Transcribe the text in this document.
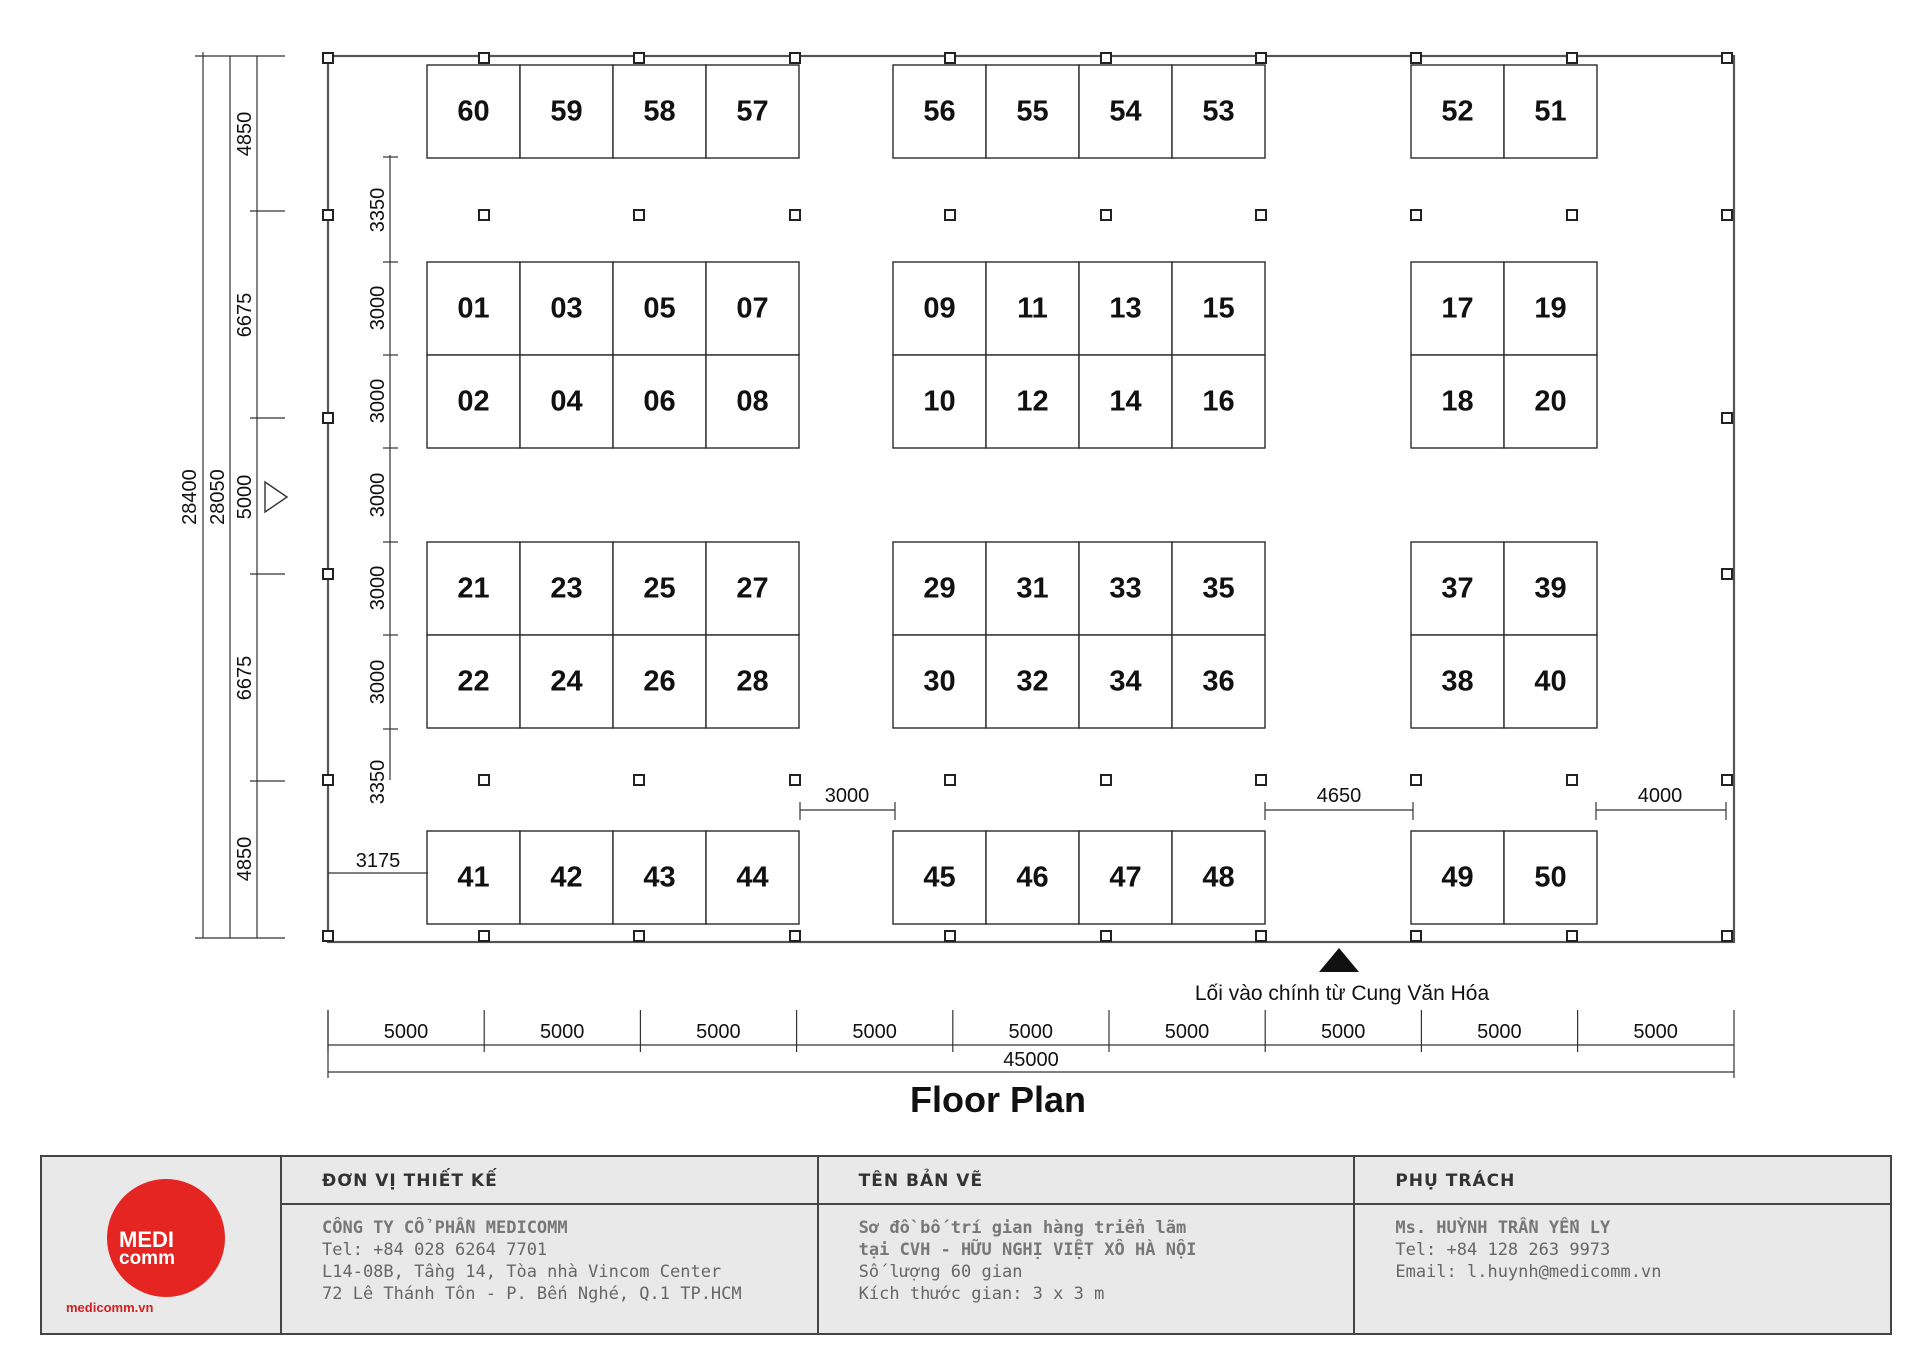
60 59 58 57	56 55 54 53	52 51
01 03 05 07	09 11 13 15	17 19
02 04 06 08	10 12 14 16	18 20
21 23 25 27	29 31 33 35	37 39
22 24 26 28	30 32 34 36	38 40
41 42 43 44	45 46 47 48	49 50
28400 28050
4850
6675
5000
6675
4850
3350
3000
3000
3000
3000
3000
3350	3000	4650	4000
3175
Lối vào chính từ Cung Văn Hóa
45000
5000	5000	5000	5000	5000	5000	5000	5000	5000
Floor Plan
MEDI
comm
medicomm.vn
ĐƠN VỊ THIẾT KẾ
CÔNG TY CỔ PHẦN MEDICOMM
Tel: +84 028 6264 7701
L14-08B, Tầng 14, Tòa nhà Vincom Center
72 Lê Thánh Tôn - P. Bến Nghé, Q.1 TP.HCM
TÊN BẢN VẼ
Sơ đồ bố trí gian hàng triển lãm
tại CVH - HỮU NGHỊ VIỆT XÔ HÀ NỘI
Số lượng 60 gian
Kích thước gian: 3 x 3 m
PHỤ TRÁCH
Ms. HUỲNH TRẦN YẾN LY
Tel: +84 128 263 9973
Email: l.huynh@medicomm.vn
